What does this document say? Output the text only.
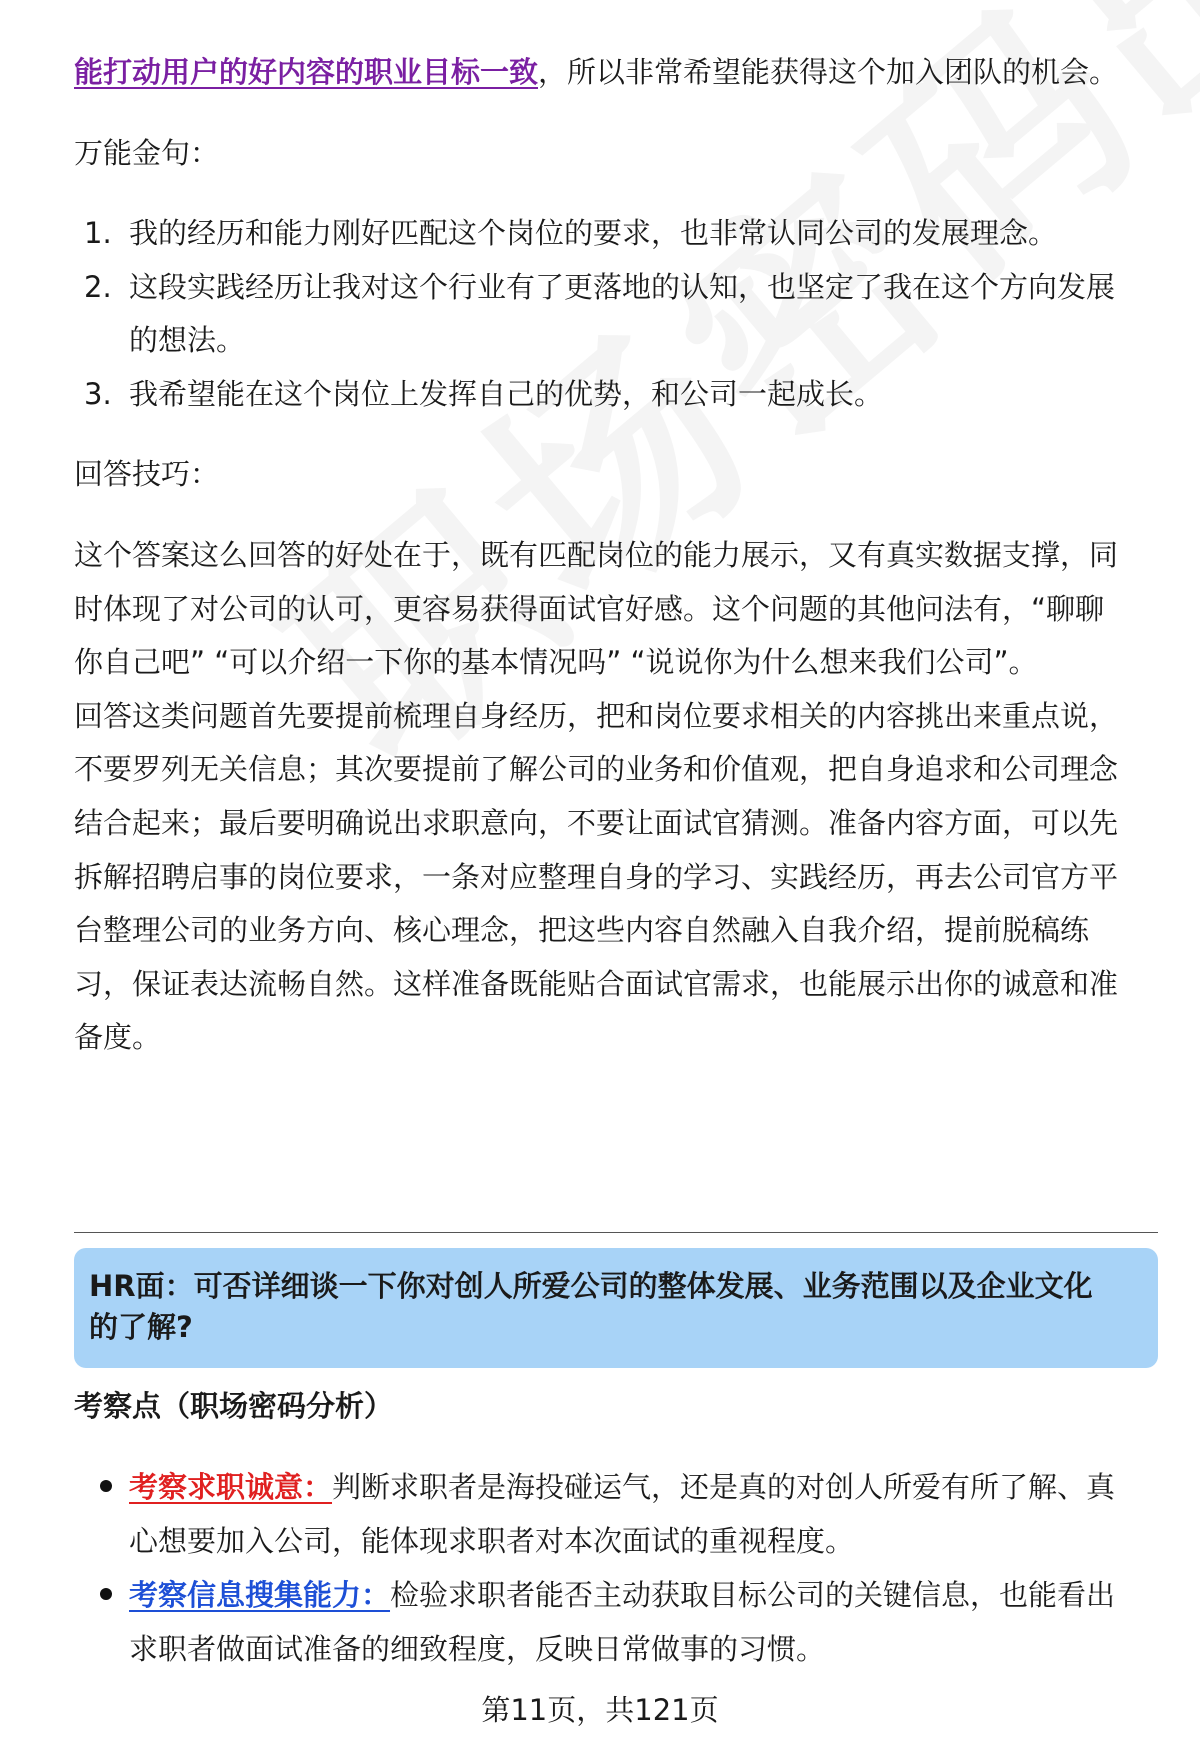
能打动用户的好内容的职业目标一致，所以非常希望能获得这个加入团队的机会。
万能金句：
1. 我的经历和能力刚好匹配这个岗位的要求，也非常认同公司的发展理念。
2. 这段实践经历让我对这个行业有了更落地的认知，也坚定了我在这个方向发展
的想法。
3. 我希望能在这个岗位上发挥自己的优势，和公司一起成长。
回答技巧：
这个答案这么回答的好处在于，既有匹配岗位的能力展示，又有真实数据支撑，同
时体现了对公司的认可，更容易获得面试官好感。这个问题的其他问法有，“聊聊
你自己吧” “可以介绍一下你的基本情况吗” “说说你为什么想来我们公司”。
回答这类问题首先要提前梳理自身经历，把和岗位要求相关的内容挑出来重点说，
不要罗列无关信息；其次要提前了解公司的业务和价值观，把自身追求和公司理念
结合起来；最后要明确说出求职意向，不要让面试官猜测。准备内容方面，可以先
拆解招聘启事的岗位要求，一条对应整理自身的学习、实践经历，再去公司官方平
台整理公司的业务方向、核心理念，把这些内容自然融入自我介绍，提前脱稿练
习，保证表达流畅自然。这样准备既能贴合面试官需求，也能展示出你的诚意和准
备度。
HR面：可否详细谈一下你对创人所爱公司的整体发展、业务范围以及企业文化
的了解?
考察点（职场密码分析）
考察求职诚意：判断求职者是海投碰运气，还是真的对创人所爱有所了解、真
心想要加入公司，能体现求职者对本次面试的重视程度。
考察信息搜集能力：检验求职者能否主动获取目标公司的关键信息，也能看出
求职者做面试准备的细致程度，反映日常做事的习惯。
第11页，共121页
